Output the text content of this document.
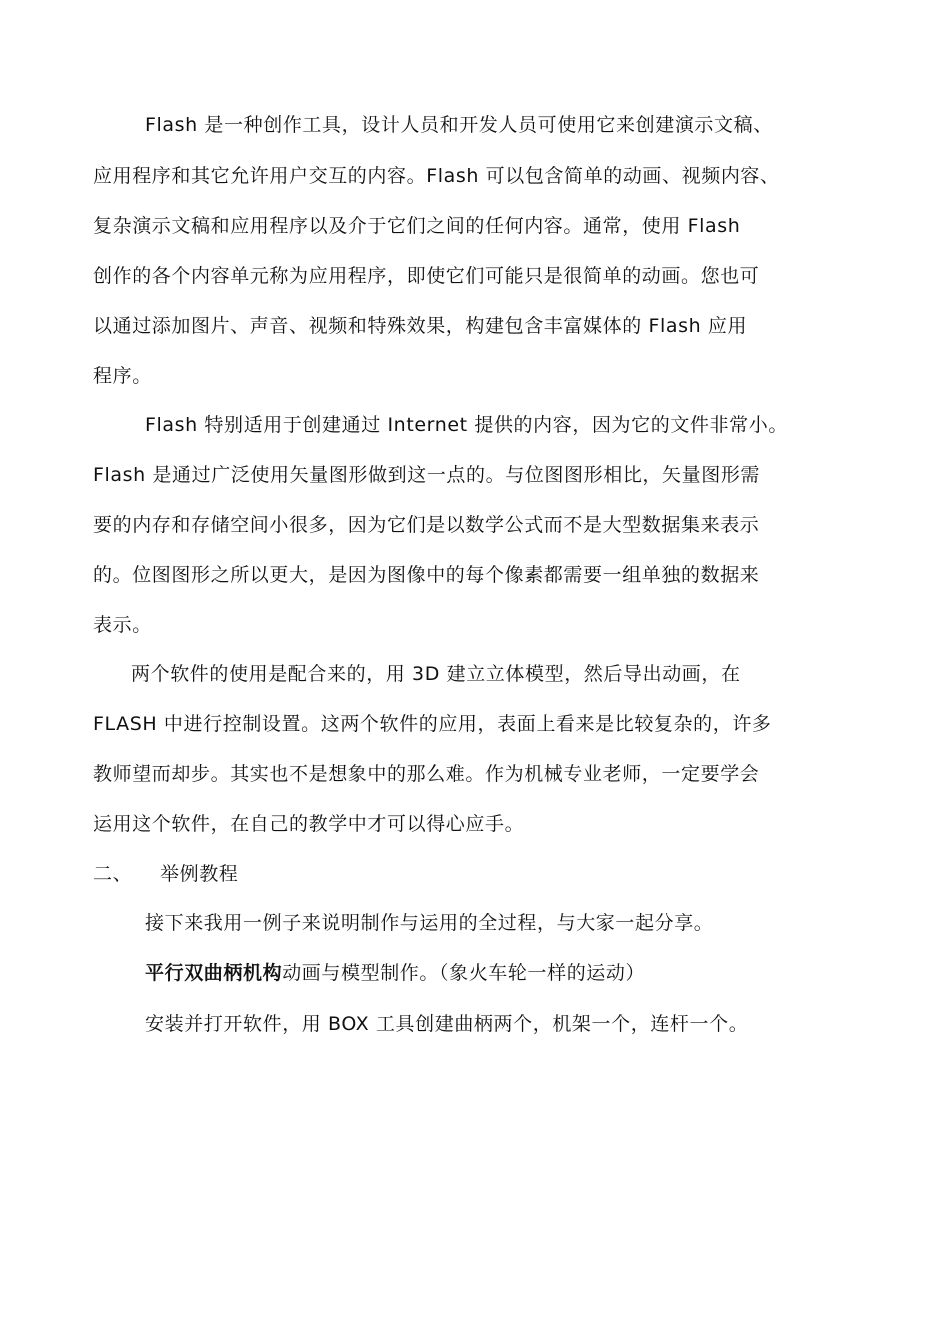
Flash 是一种创作工具，设计人员和开发人员可使用它来创建演示文稿、
应用程序和其它允许用户交互的内容。Flash 可以包含简单的动画、视频内容、
复杂演示文稿和应用程序以及介于它们之间的任何内容。通常，使用 Flash
创作的各个内容单元称为应用程序，即使它们可能只是很简单的动画。您也可
以通过添加图片、声音、视频和特殊效果，构建包含丰富媒体的 Flash 应用
程序。
Flash 特别适用于创建通过 Internet 提供的内容，因为它的文件非常小。
Flash 是通过广泛使用矢量图形做到这一点的。与位图图形相比，矢量图形需
要的内存和存储空间小很多，因为它们是以数学公式而不是大型数据集来表示
的。位图图形之所以更大，是因为图像中的每个像素都需要一组单独的数据来
表示。
两个软件的使用是配合来的，用 3D 建立立体模型，然后导出动画，在
FLASH 中进行控制设置。这两个软件的应用，表面上看来是比较复杂的，许多
教师望而却步。其实也不是想象中的那么难。作为机械专业老师，一定要学会
运用这个软件，在自己的教学中才可以得心应手。
二、 举例教程
接下来我用一例子来说明制作与运用的全过程，与大家一起分享。
平行双曲柄机构动画与模型制作。（象火车轮一样的运动）
安装并打开软件，用 BOX 工具创建曲柄两个，机架一个，连杆一个。
